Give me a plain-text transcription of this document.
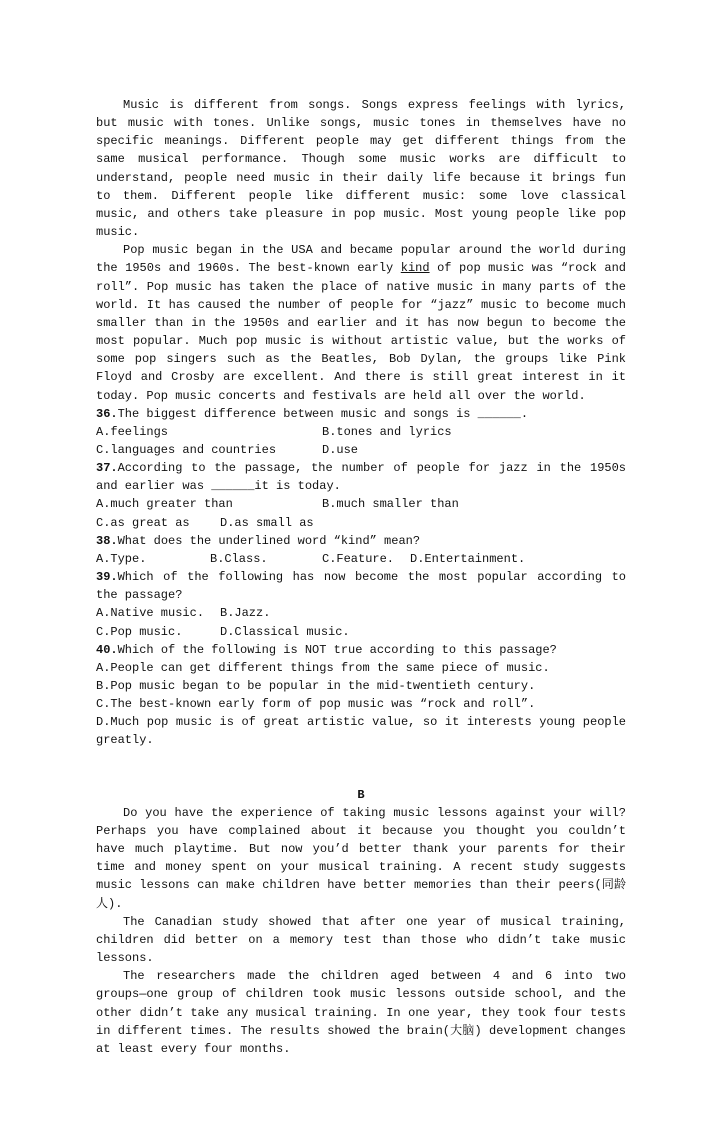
Music is different from songs. Songs express feelings with lyrics, but music with tones. Unlike songs, music tones in themselves have no specific meanings. Different people may get different things from the same musical performance. Though some music works are difficult to understand, people need music in their daily life because it brings fun to them. Different people like different music: some love classical music, and others take pleasure in pop music. Most young people like pop music.

Pop music began in the USA and became popular around the world during the 1950s and 1960s. The best-known early kind of pop music was “rock and roll”. Pop music has taken the place of native music in many parts of the world. It has caused the number of people for “jazz” music to become much smaller than in the 1950s and earlier and it has now begun to become the most popular. Much pop music is without artistic value, but the works of some pop singers such as the Beatles, Bob Dylan, the groups like Pink Floyd and Crosby are excellent. And there is still great interest in it today. Pop music concerts and festivals are held all over the world.

36.The biggest difference between music and songs is ______.

A.feelings	B.tones and lyrics
C.languages and countries	D.use

37.According to the passage, the number of people for jazz in the 1950s and earlier was ______it is today.

A.much greater than	B.much smaller than
C.as great as	D.as small as

38.What does the underlined word “kind” mean?

A.Type.	B.Class.	C.Feature.	D.Entertainment.

39.Which of the following has now become the most popular according to the passage?

A.Native music.	B.Jazz.
C.Pop music.	D.Classical music.

40.Which of the following is NOT true according to this passage?

A.People can get different things from the same piece of music.

B.Pop music began to be popular in the mid-twentieth century.

C.The best-known early form of pop music was “rock and roll”.

D.Much pop music is of great artistic value, so it interests young people greatly.

B

Do you have the experience of taking music lessons against your will? Perhaps you have complained about it because you thought you couldn’t have much playtime. But now you’d better thank your parents for their time and money spent on your musical training. A recent study suggests music lessons can make children have better memories than their peers(同龄人).

The Canadian study showed that after one year of musical training, children did better on a memory test than those who didn’t take music lessons.

The researchers made the children aged between 4 and 6 into two groups—one group of children took music lessons outside school, and the other didn’t take any musical training. In one year, they took four tests in different times. The results showed the brain(大脑) development changes at least every four months.
